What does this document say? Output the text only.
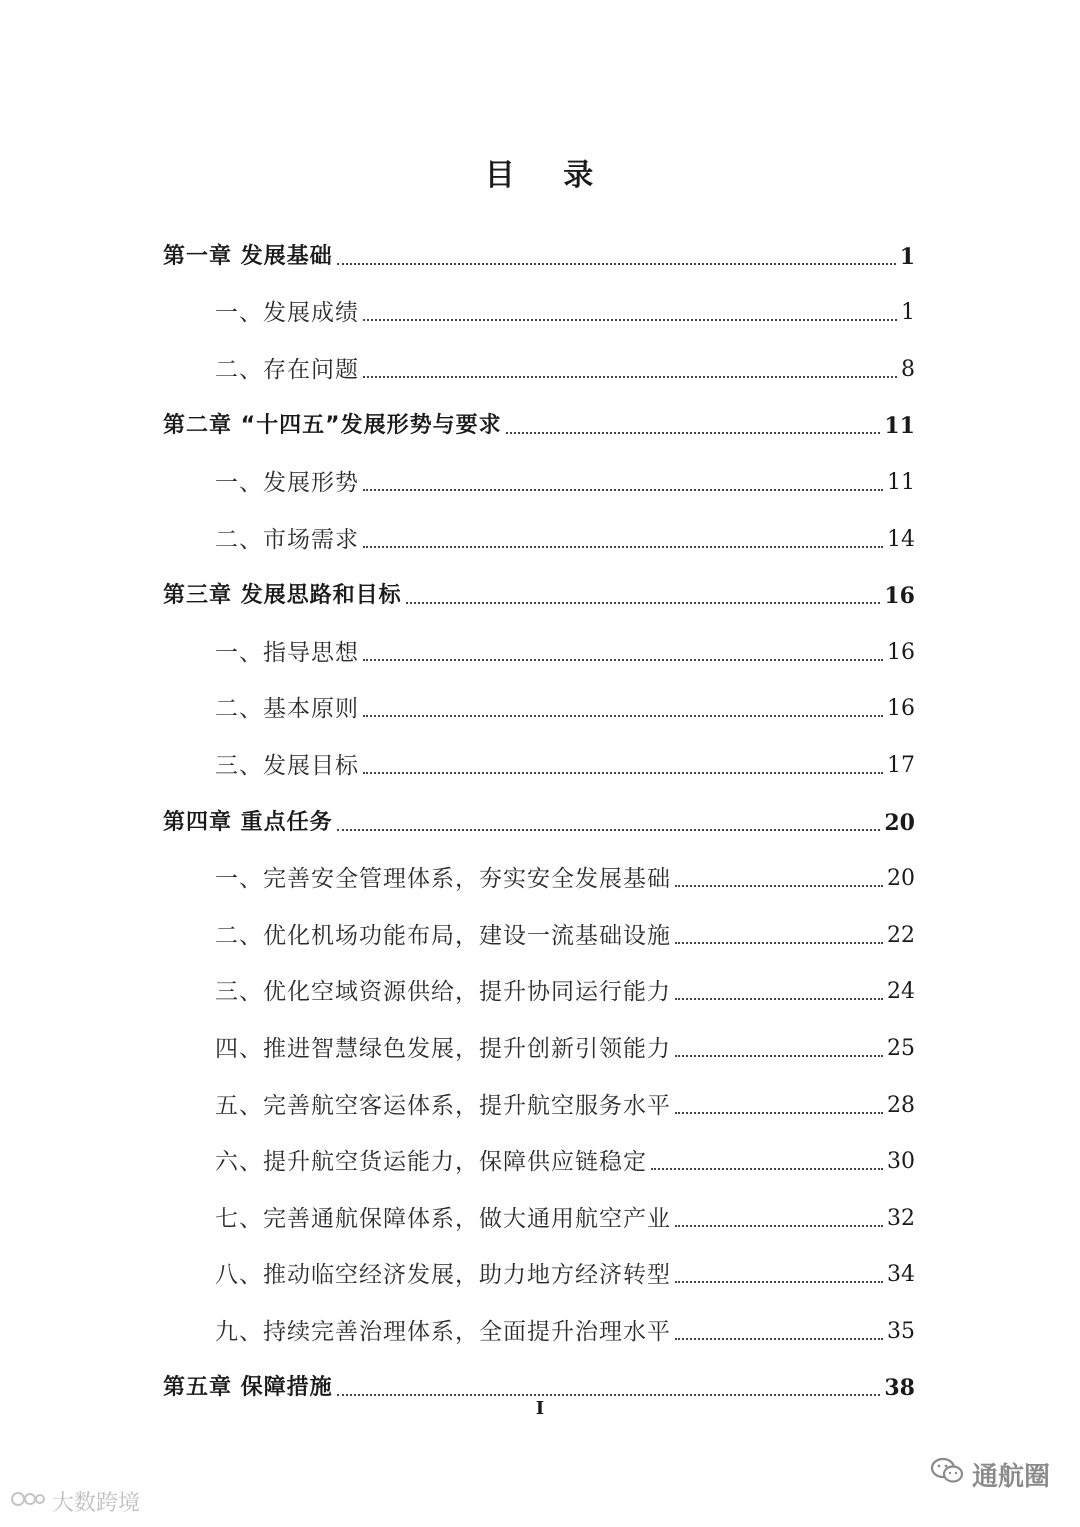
目 录
第一章 发展基础	1
一、发展成绩	1
二、存在问题	8
第二章 “十四五”发展形势与要求	11
一、发展形势	11
二、市场需求	14
第三章 发展思路和目标	16
一、指导思想	16
二、基本原则	16
三、发展目标	17
第四章 重点任务	20
一、完善安全管理体系，夯实安全发展基础	20
二、优化机场功能布局，建设一流基础设施	22
三、优化空域资源供给，提升协同运行能力	24
四、推进智慧绿色发展，提升创新引领能力	25
五、完善航空客运体系，提升航空服务水平	28
六、提升航空货运能力，保障供应链稳定	30
七、完善通航保障体系，做大通用航空产业	32
八、推动临空经济发展，助力地方经济转型	34
九、持续完善治理体系，全面提升治理水平	35
第五章 保障措施	38
I
大数跨境
通航圈
